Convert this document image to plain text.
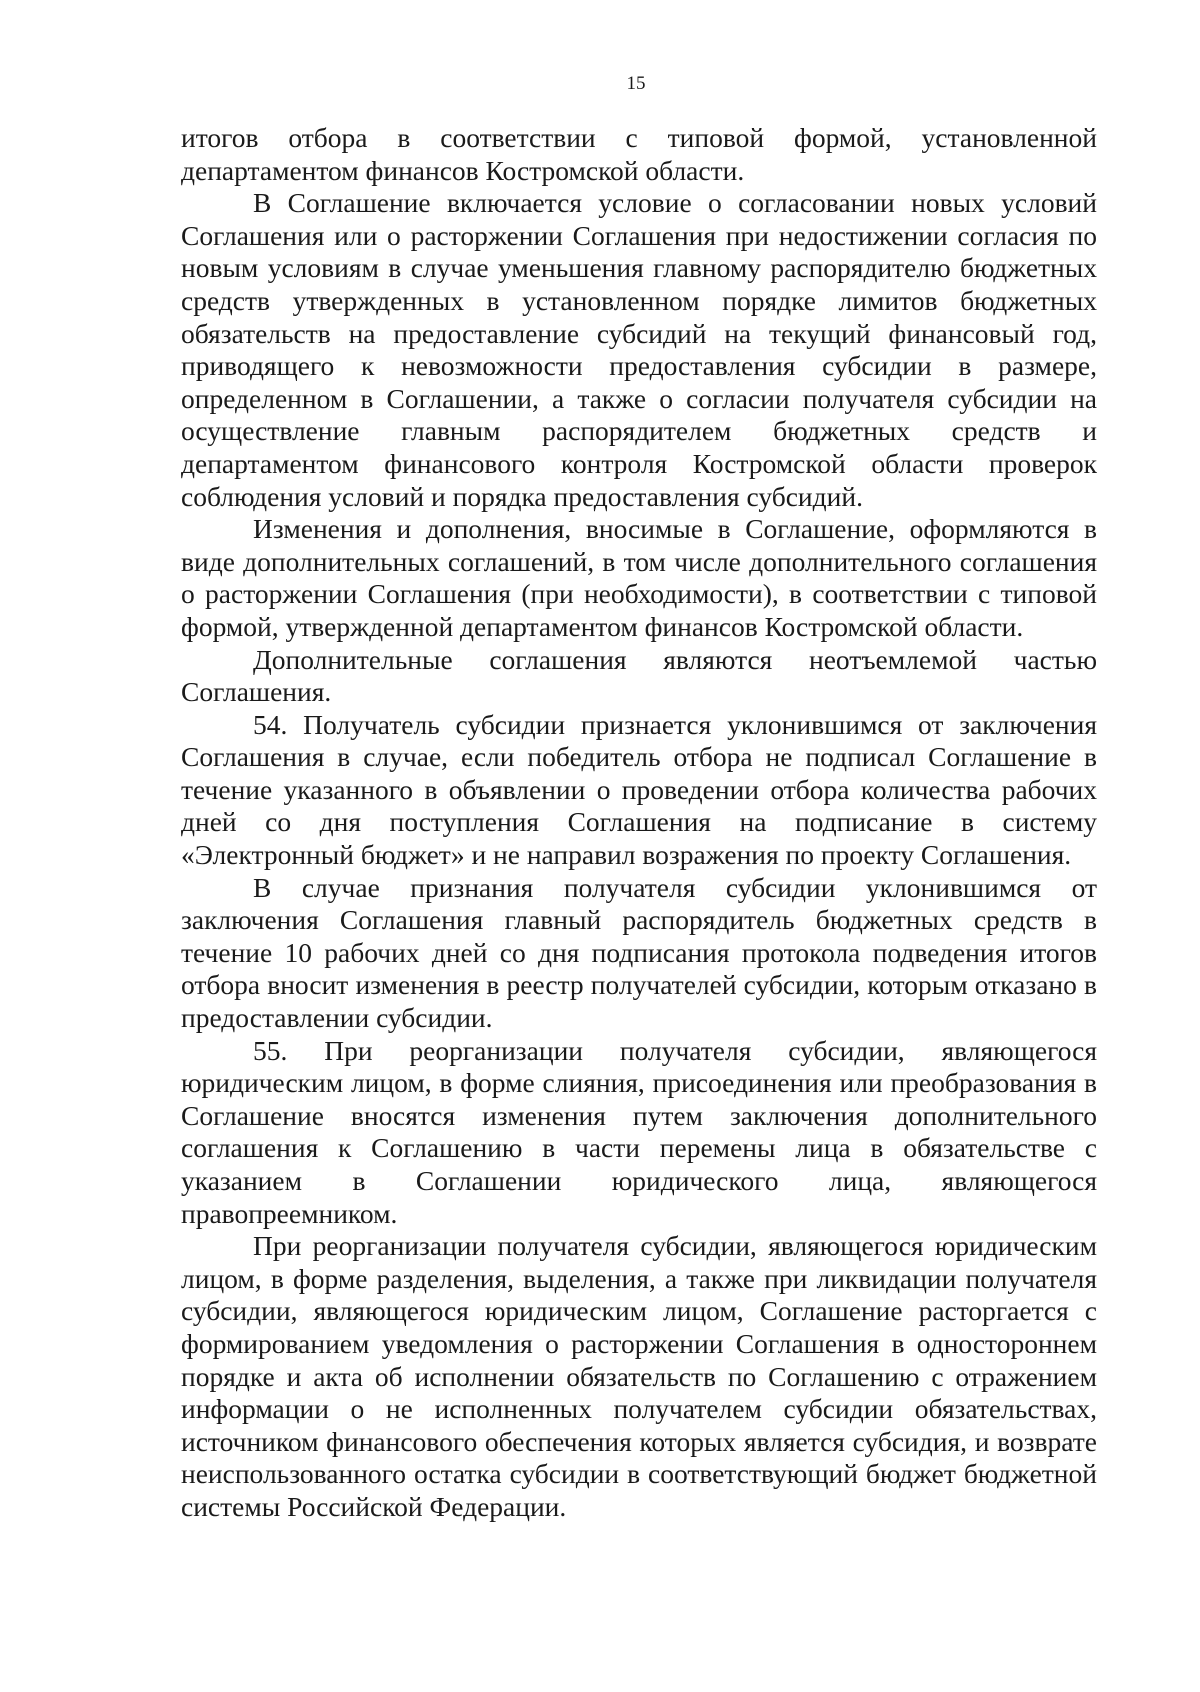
15

итогов отбора в соответствии с типовой формой, установленной департаментом финансов Костромской области.

В Соглашение включается условие о согласовании новых условий Соглашения или о расторжении Соглашения при недостижении согласия по новым условиям в случае уменьшения главному распорядителю бюджетных средств утвержденных в установленном порядке лимитов бюджетных обязательств на предоставление субсидий на текущий финансовый год, приводящего к невозможности предоставления субсидии в размере, определенном в Соглашении, а также о согласии получателя субсидии на осуществление главным распорядителем бюджетных средств и департаментом финансового контроля Костромской области проверок соблюдения условий и порядка предоставления субсидий.

Изменения и дополнения, вносимые в Соглашение, оформляются в виде дополнительных соглашений, в том числе дополнительного соглашения о расторжении Соглашения (при необходимости), в соответствии с типовой формой, утвержденной департаментом финансов Костромской области.

Дополнительные соглашения являются неотъемлемой частью Соглашения.

54. Получатель субсидии признается уклонившимся от заключения Соглашения в случае, если победитель отбора не подписал Соглашение в течение указанного в объявлении о проведении отбора количества рабочих дней со дня поступления Соглашения на подписание в систему «Электронный бюджет» и не направил возражения по проекту Соглашения.

В случае признания получателя субсидии уклонившимся от заключения Соглашения главный распорядитель бюджетных средств в течение 10 рабочих дней со дня подписания протокола подведения итогов отбора вносит изменения в реестр получателей субсидии, которым отказано в предоставлении субсидии.

55. При реорганизации получателя субсидии, являющегося юридическим лицом, в форме слияния, присоединения или преобразования в Соглашение вносятся изменения путем заключения дополнительного соглашения к Соглашению в части перемены лица в обязательстве с указанием в Соглашении юридического лица, являющегося правопреемником.

При реорганизации получателя субсидии, являющегося юридическим лицом, в форме разделения, выделения, а также при ликвидации получателя субсидии, являющегося юридическим лицом, Соглашение расторгается с формированием уведомления о расторжении Соглашения в одностороннем порядке и акта об исполнении обязательств по Соглашению с отражением информации о не исполненных получателем субсидии обязательствах, источником финансового обеспечения которых является субсидия, и возврате неиспользованного остатка субсидии в соответствующий бюджет бюджетной системы Российской Федерации.
